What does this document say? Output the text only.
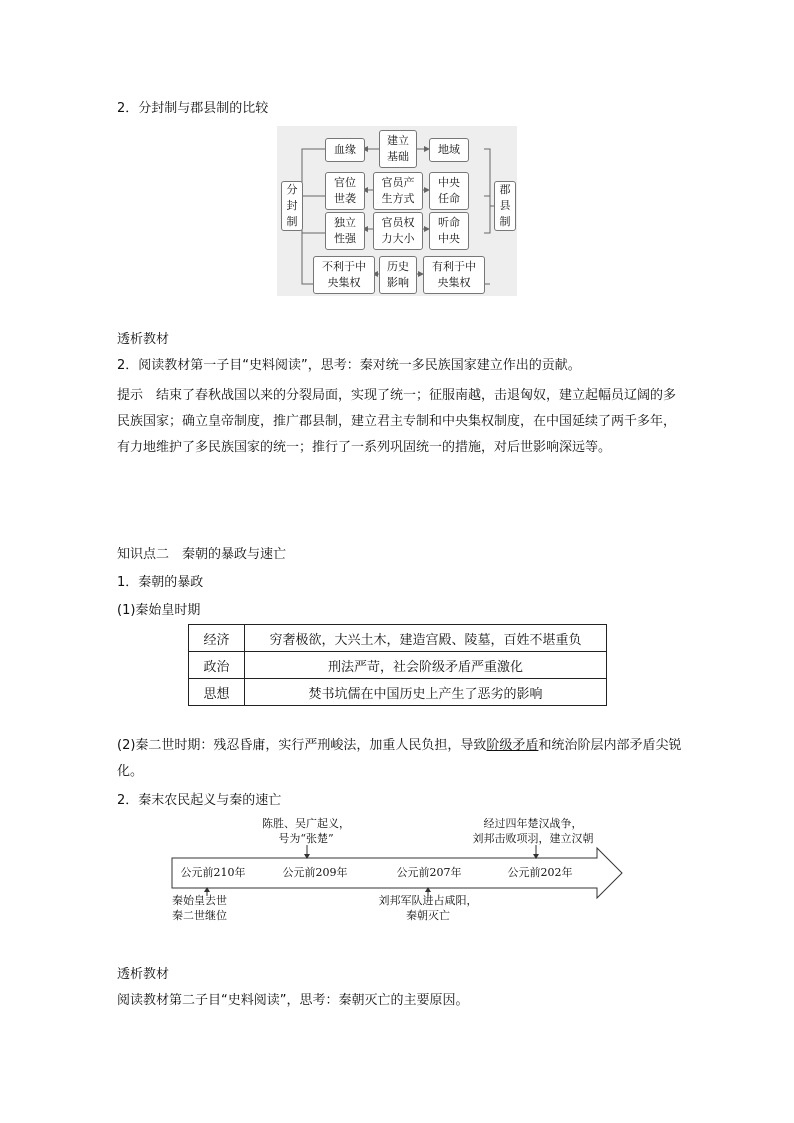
2．分封制与郡县制的比较
分
封
制
郡
县
制
血缘
建立
基础
地域
官位
世袭
官员产
生方式
中央
任命
独立
性强
官员权
力大小
听命
中央
不利于中
央集权
历史
影响
有利于中
央集权
透析教材
2．阅读教材第一子目“史料阅读”，思考：秦对统一多民族国家建立作出的贡献。
提示　 结束了春秋战国以来的分裂局面，实现了统一；征服南越，击退匈奴，建立起幅员辽阔的多民族国家；确立皇帝制度，推广郡县制，建立君主专制和中央集权制度，在中国延续了两千多年，有力地维护了多民族国家的统一；推行了一系列巩固统一的措施，对后世影响深远等。
知识点二　秦朝的暴政与速亡
1．秦朝的暴政
(1)秦始皇时期
经济	穷奢极欲，大兴土木，建造宫殿、陵墓，百姓不堪重负
政治	刑法严苛，社会阶级矛盾严重激化
思想	焚书坑儒在中国历史上产生了恶劣的影响
(2)秦二世时期：残忍昏庸，实行严刑峻法，加重人民负担，导致阶级矛盾和统治阶层内部矛盾尖锐化。
2．秦末农民起义与秦的速亡
公元前210年	公元前209年	公元前207年	公元前202年
陈胜、吴广起义，
号为“张楚”
经过四年楚汉战争，
刘邦击败项羽，建立汉朝
秦始皇去世
秦二世继位
刘邦军队进占咸阳，
秦朝灭亡
透析教材
阅读教材第二子目“史料阅读”，思考：秦朝灭亡的主要原因。
